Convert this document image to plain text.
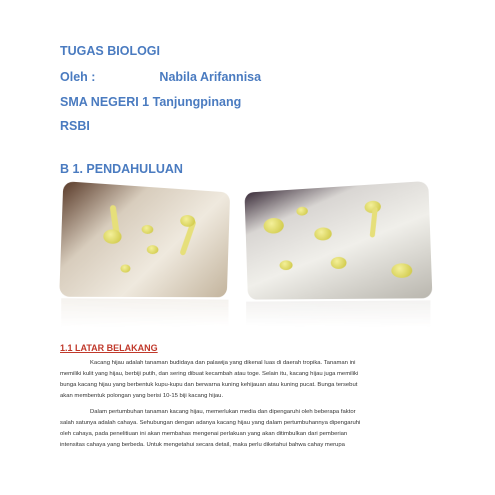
TUGAS BIOLOGI
Oleh :	Nabila Arifannisa
SMA NEGERI 1 Tanjungpinang
RSBI
B 1. PENDAHULUAN
1.1 LATAR BELAKANG
Kacang hijau adalah tanaman budidaya dan palawija yang dikenal luas di daerah tropika. Tanaman ini
memiliki kulit yang hijau, berbiji putih, dan sering dibuat kecambah atau toge. Selain itu, kacang hijau juga memiliki
bunga kacang hijau yang berbentuk kupu-kupu dan berwarna kuning kehijauan atau kuning pucat. Bunga tersebut
akan membentuk polongan yang berisi 10-15 biji kacang hijau.
Dalam pertumbuhan tanaman kacang hijau, memerlukan media dan dipengaruhi oleh beberapa faktor
salah satunya adalah cahaya. Sehubungan dengan adanya kacang hijau yang dalam pertumbuhannya dipengaruhi
oleh cahaya, pada penelitiuan ini akan membahas mengenai perlakuan yang akan ditimbulkan dari pemberian
intensitas cahaya yang berbeda. Untuk mengetahui secara detail, maka perlu diketahui bahwa cahay merupa
